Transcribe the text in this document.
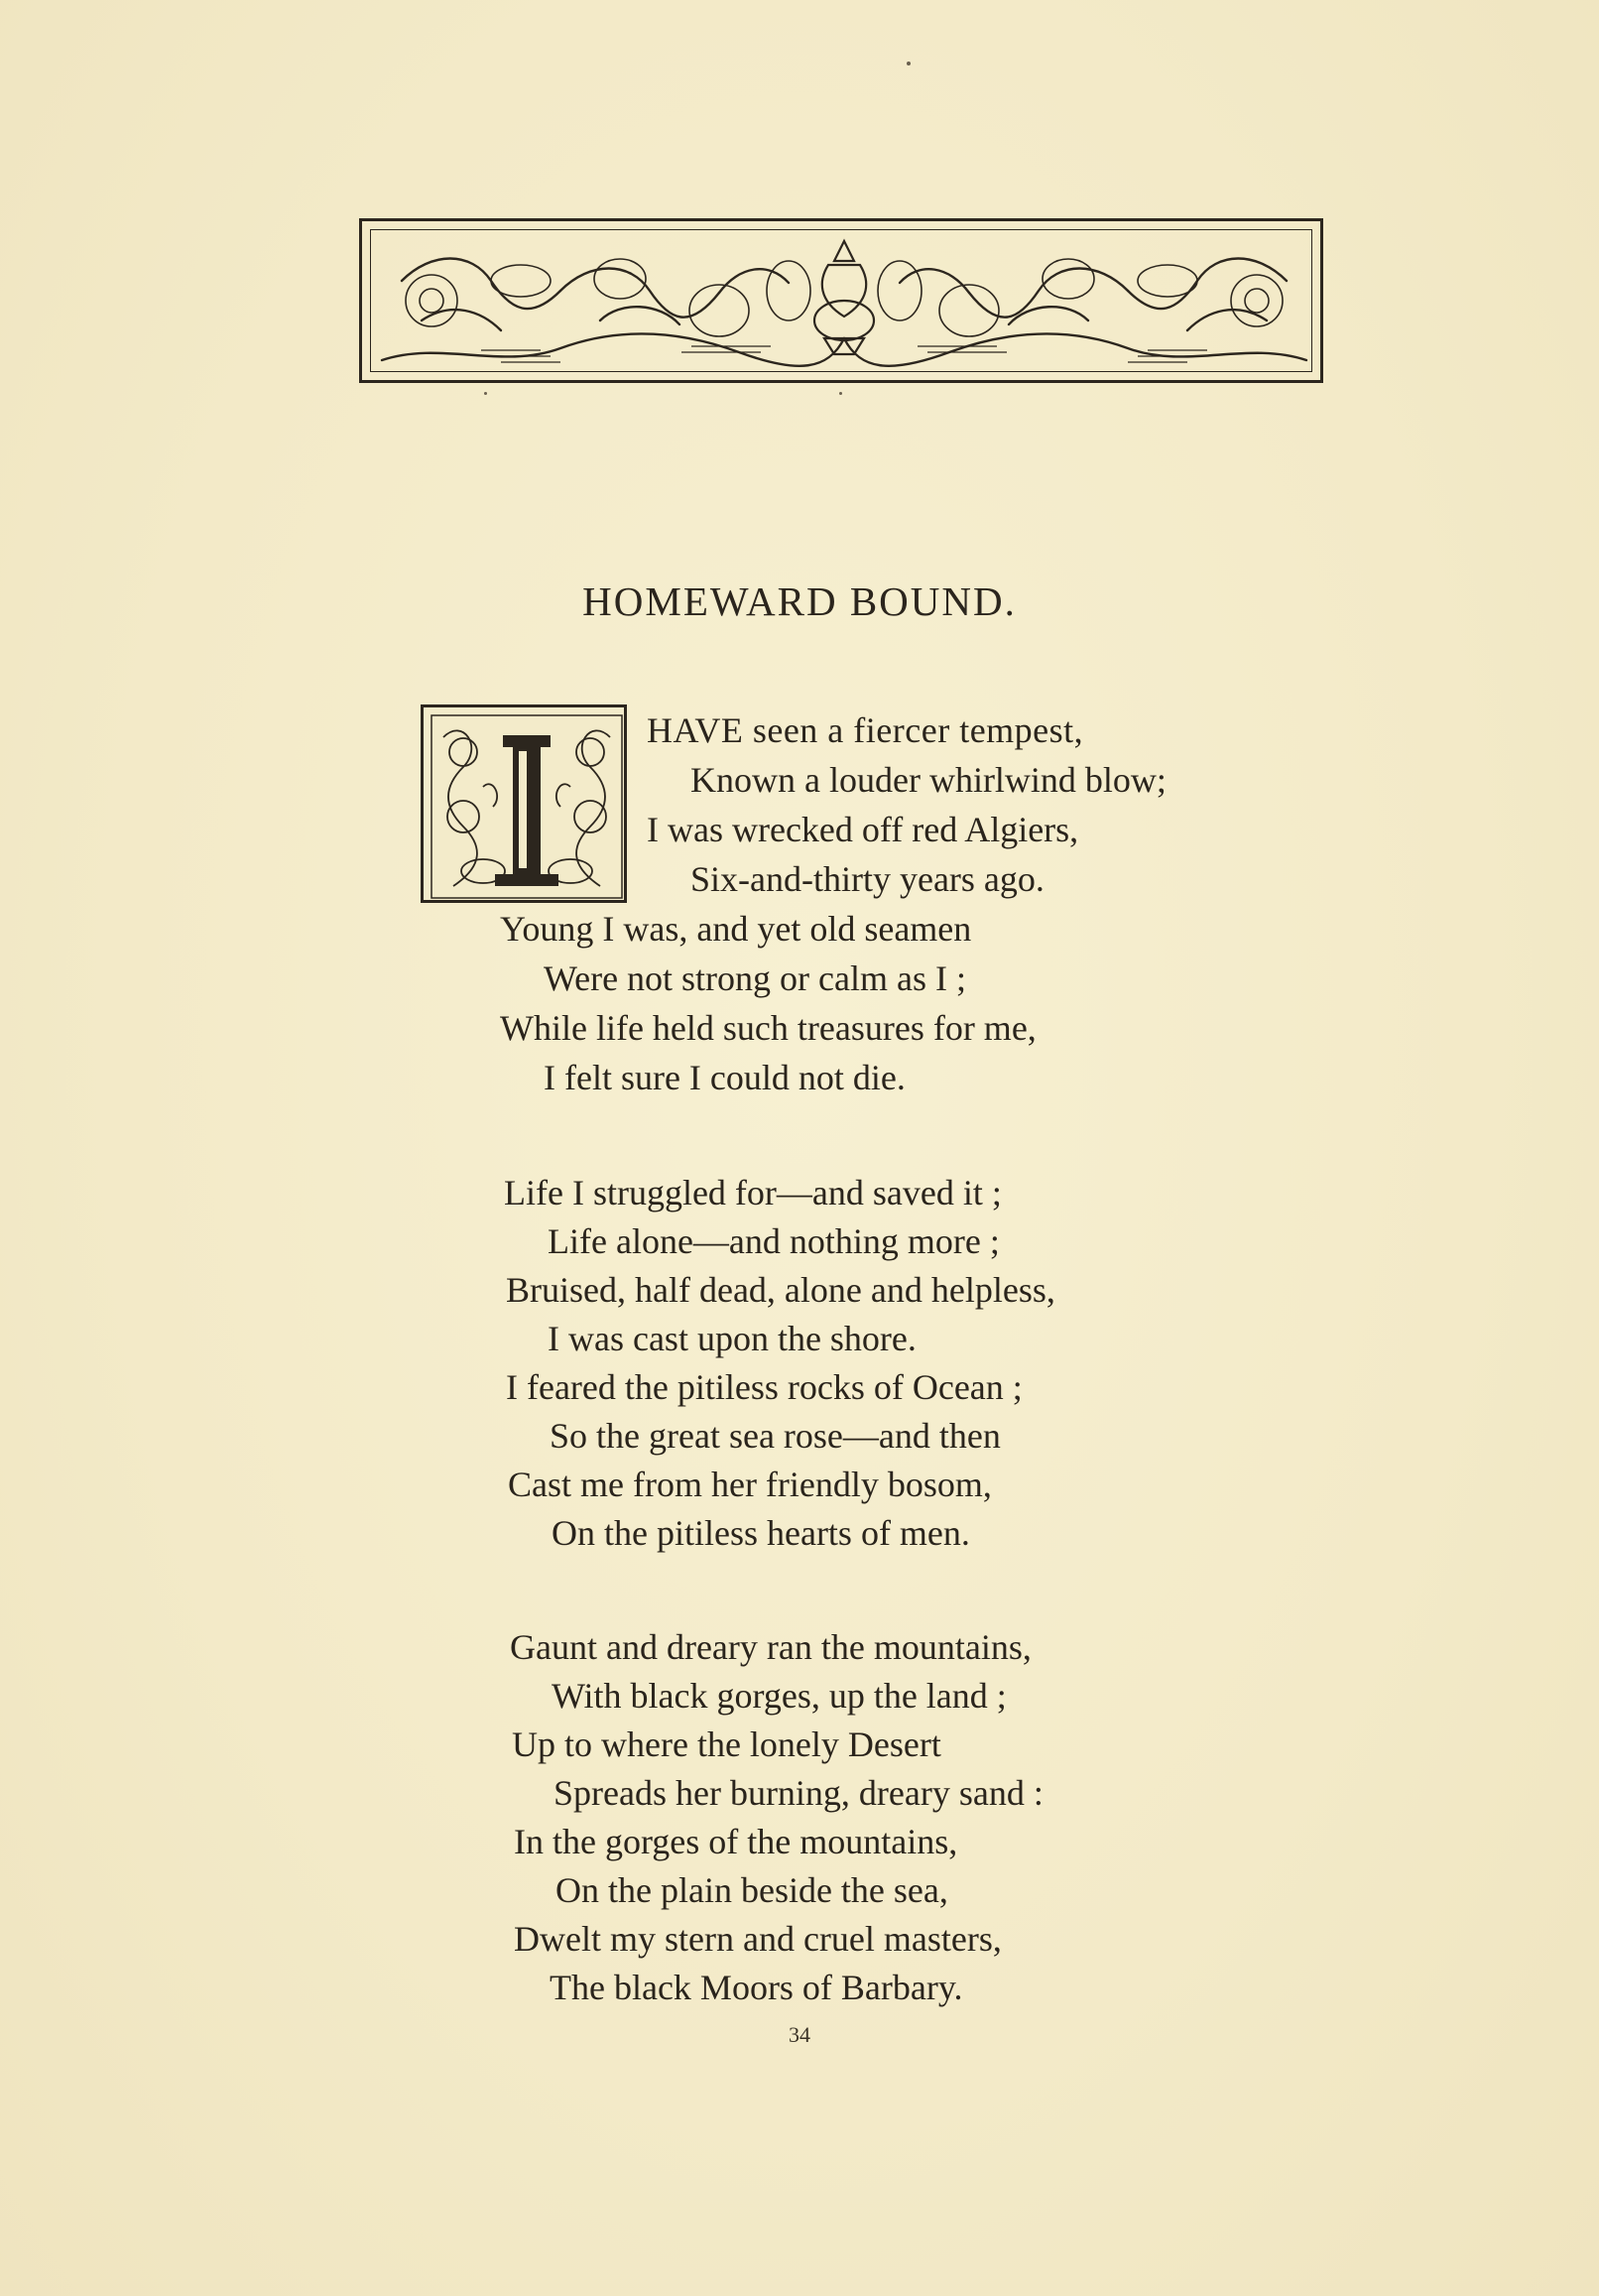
HOMEWARD BOUND.
HAVE seen a fiercer tempest,
Known a louder whirlwind blow;
I was wrecked off red Algiers,
Six-and-thirty years ago.
Young I was, and yet old seamen
Were not strong or calm as I ;
While life held such treasures for me,
I felt sure I could not die.
Life I struggled for—and saved it ;
Life alone—and nothing more ;
Bruised, half dead, alone and helpless,
I was cast upon the shore.
I feared the pitiless rocks of Ocean ;
So the great sea rose—and then
Cast me from her friendly bosom,
On the pitiless hearts of men.
Gaunt and dreary ran the mountains,
With black gorges, up the land ;
Up to where the lonely Desert
Spreads her burning, dreary sand :
In the gorges of the mountains,
On the plain beside the sea,
Dwelt my stern and cruel masters,
The black Moors of Barbary.
34
